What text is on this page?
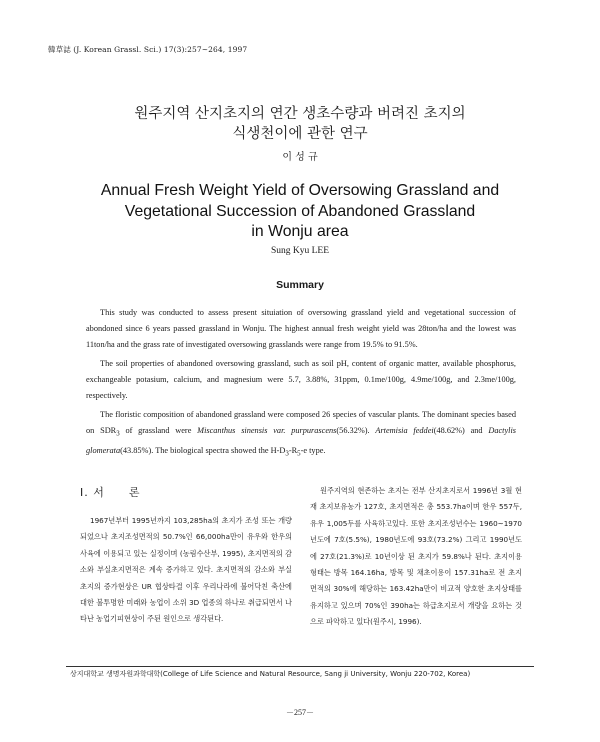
韓草誌 (J. Korean Grassl. Sci.) 17(3):257~264, 1997
원주지역 산지초지의 연간 생초수량과 버려진 초지의
식생천이에 관한 연구
이 성 규
Annual Fresh Weight Yield of Oversowing Grassland and
Vegetational Succession of Abandoned Grassland
in Wonju area
Sung Kyu LEE
Summary

This study was conducted to assess present situiation of oversowing grassland yield and vegetational succession of abondoned since 6 years passed grassland in Wonju. The highest annual fresh weight yield was 28ton/ha and the lowest was 11ton/ha and the grass rate of investigated oversowing grasslands were range from 19.5% to 91.5%.

The soil properties of abandoned oversowing grassland, such as soil pH, content of organic matter, available phosphorus, exchangeable potasium, calcium, and magnesium were 5.7, 3.88%, 31ppm, 0.1me/100g, 4.9me/100g, and 2.3me/100g, respectively.

The floristic composition of abandoned grassland were composed 26 species of vascular plants. The dominant species based on $SDR_3$ of grassland were Miscanthus sinensis var. purpurascens(56.32%). Artemisia feddei(48.62%) and Dactylis glomerata(43.85%). The biological spectra showed the $H-D_3-R_5-e$ type.

Ⅰ. 서　　론

1967년부터 1995년까지 103,285ha의 초지가 조성 또는 개량되었으나 초지조성면적의 50.7%인 66,000ha만이 유우와 한우의 사육에 이용되고 있는 실정이며 (농림수산부, 1995), 초지면적의 감소와 부실초지면적은 계속 증가하고 있다. 초지면적의 감소와 부실초지의 증가현상은 UR 협상타결 이후 우리나라에 불어닥친 축산에 대한 불투명한 미래와 농업이 소위 3D 업종의 하나로 취급되면서 나타난 농업기피현상이 주된 원인으로 생각된다.

원주지역의 현존하는 초지는 전부 산지초지로서 1996년 3월 현재 초지보유농가 127호, 초지면적은 총 553.7ha이며 한우 557두, 유우 1,005두를 사육하고있다. 또한 초지조성년수는 1960~1970년도에 7호(5.5%), 1980년도에 93호(73.2%) 그리고 1990년도에 27호(21.3%)로 10년이상 된 초지가 59.8%나 된다. 초지이용형태는 방목 164.16ha, 방목 및 채초이용이 157.31ha로 전 초지면적의 30%에 해당하는 163.42ha만이 비교적 양호한 초지상태를 유지하고 있으며 70%인 390ha는 하급초지로서 개량을 요하는 것으로 파악하고 있다(원주시, 1996).

상지대학교 생명자원과학대학(College of Life Science and Natural Resource, Sang ji University, Wonju 220-702, Korea)
－257－
